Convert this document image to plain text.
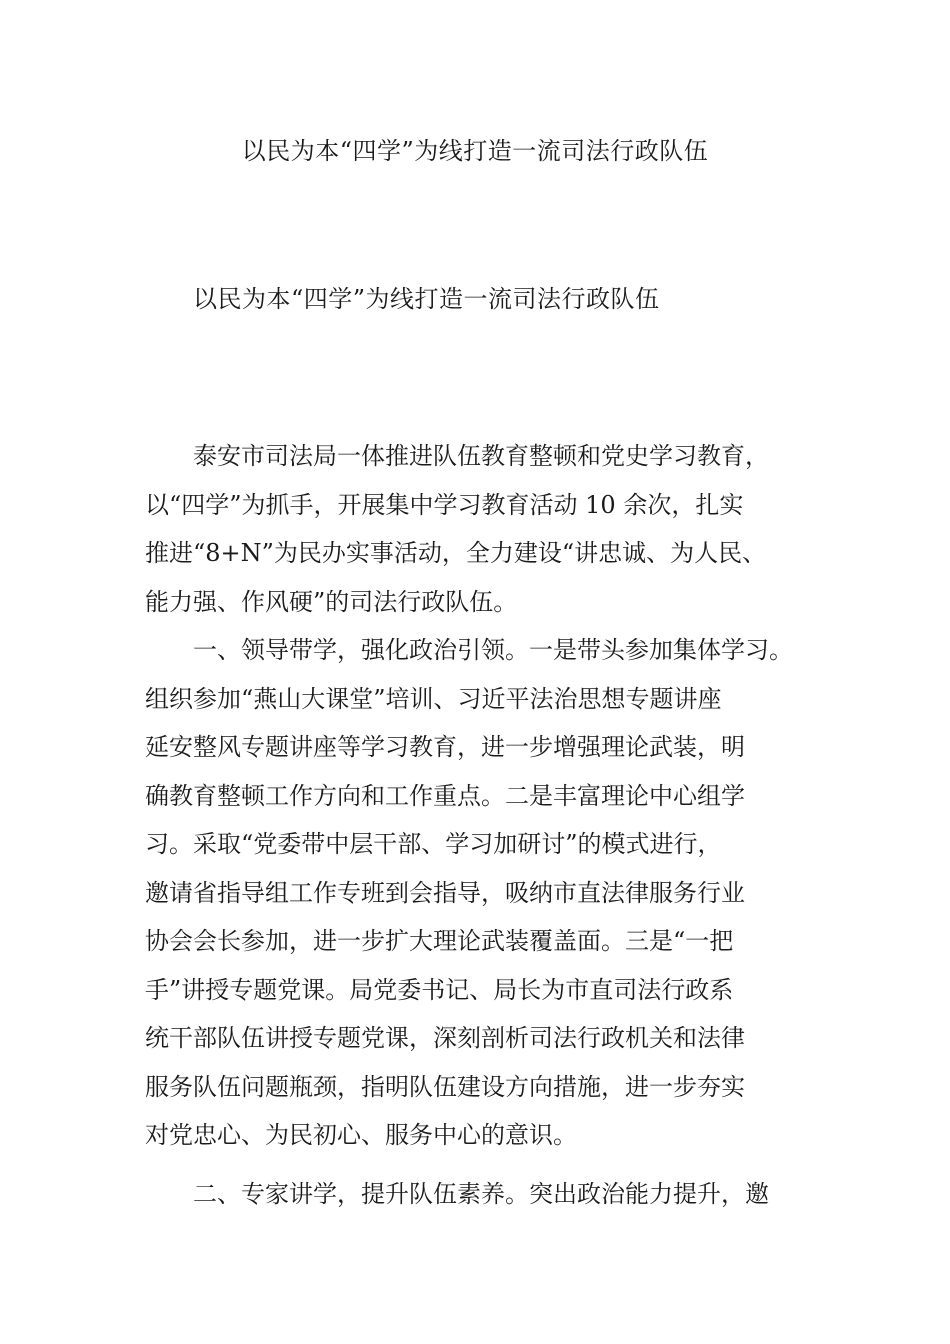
以民为本“四学”为线打造一流司法行政队伍
以民为本“四学”为线打造一流司法行政队伍

泰安市司法局一体推进队伍教育整顿和党史学习教育，
以“四学”为抓手，开展集中学习教育活动 10 余次，扎实
推进“8+N”为民办实事活动，全力建设“讲忠诚、为人民、
能力强、作风硬”的司法行政队伍。

一、领导带学，强化政治引领。一是带头参加集体学习。
组织参加“燕山大课堂”培训、习近平法治思想专题讲座
延安整风专题讲座等学习教育，进一步增强理论武装，明
确教育整顿工作方向和工作重点。二是丰富理论中心组学
习。采取“党委带中层干部、学习加研讨”的模式进行，
邀请省指导组工作专班到会指导，吸纳市直法律服务行业
协会会长参加，进一步扩大理论武装覆盖面。三是“一把
手”讲授专题党课。局党委书记、局长为市直司法行政系
统干部队伍讲授专题党课，深刻剖析司法行政机关和法律
服务队伍问题瓶颈，指明队伍建设方向措施，进一步夯实
对党忠心、为民初心、服务中心的意识。

二、专家讲学，提升队伍素养。突出政治能力提升，邀
